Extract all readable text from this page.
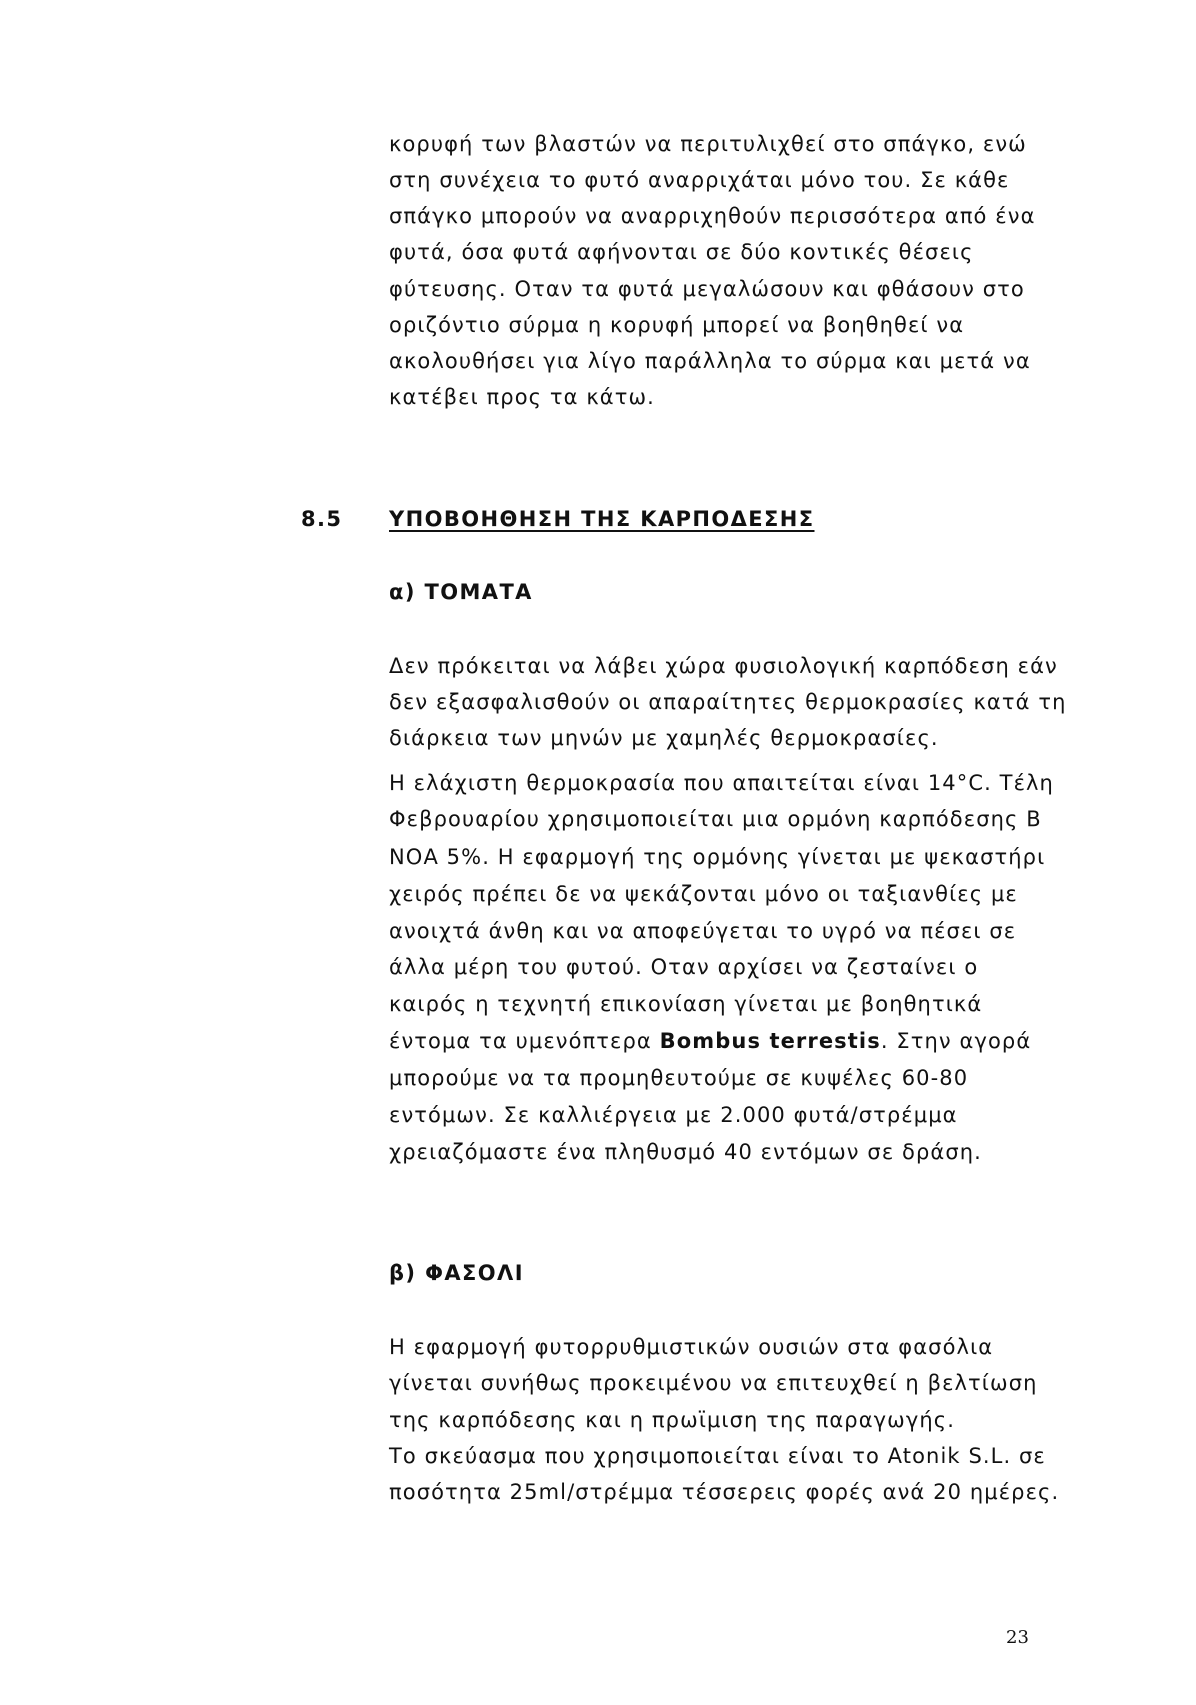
κορυφή των βλαστών να περιτυλιχθεί στο σπάγκο, ενώ

στη συνέχεια το φυτό αναρριχάται μόνο του. Σε κάθε

σπάγκο μπορούν να αναρριχηθούν περισσότερα από ένα

φυτά, όσα φυτά αφήνονται σε δύο κοντικές θέσεις

φύτευσης. Οταν τα φυτά μεγαλώσουν και φθάσουν στο

οριζόντιο σύρμα η κορυφή μπορεί να βοηθηθεί να

ακολουθήσει για λίγο παράλληλα το σύρμα και μετά να

κατέβει προς τα κάτω.

8.5 ΥΠΟΒΟΗΘΗΣΗ ΤΗΣ ΚΑΡΠΟΔΕΣΗΣ
α) ΤΟΜΑΤΑ

Δεν πρόκειται να λάβει χώρα φυσιολογική καρπόδεση εάν

δεν εξασφαλισθούν οι απαραίτητες θερμοκρασίες κατά τη

διάρκεια των μηνών με χαμηλές θερμοκρασίες.

Η ελάχιστη θερμοκρασία που απαιτείται είναι 14°C. Τέλη

Φεβρουαρίου χρησιμοποιείται μια ορμόνη καρπόδεσης Β

ΝΟΑ 5%. Η εφαρμογή της ορμόνης γίνεται με ψεκαστήρι

χειρός πρέπει δε να ψεκάζονται μόνο οι ταξιανθίες με

ανοιχτά άνθη και να αποφεύγεται το υγρό να πέσει σε

άλλα μέρη του φυτού. Οταν αρχίσει να ζεσταίνει ο

καιρός η τεχνητή επικονίαση γίνεται με βοηθητικά

έντομα τα υμενόπτερα Bombus terrestis. Στην αγορά

μπορούμε να τα προμηθευτούμε σε κυψέλες 60-80

εντόμων. Σε καλλιέργεια με 2.000 φυτά/στρέμμα

χρειαζόμαστε ένα πληθυσμό 40 εντόμων σε δράση.

β) ΦΑΣΟΛΙ

Η εφαρμογή φυτορρυθμιστικών ουσιών στα φασόλια

γίνεται συνήθως προκειμένου να επιτευχθεί η βελτίωση

της καρπόδεσης και η πρωϊμιση της παραγωγής.

Το σκεύασμα που χρησιμοποιείται είναι το Atonik S.L. σε

ποσότητα 25ml/στρέμμα τέσσερεις φορές ανά 20 ημέρες.

23
